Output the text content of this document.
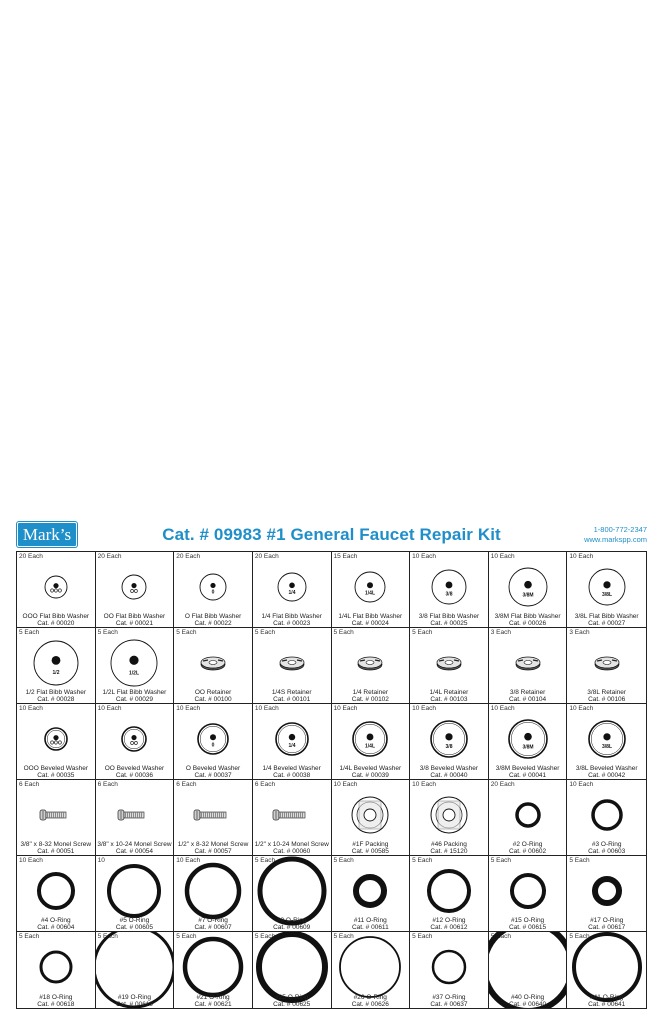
Mark’s	Cat. # 09983 #1 General Faucet Repair Kit	1-800-772-2347
www.markspp.com
20 Each
OOO
OOO Flat Bibb Washer
Cat. # 00020
20 Each
OO
OO Flat Bibb Washer
Cat. # 00021
20 Each
0
O Flat Bibb Washer
Cat. # 00022
20 Each
1/4
1/4 Flat Bibb Washer
Cat. # 00023
15 Each
1/4L
1/4L Flat Bibb Washer
Cat. # 00024
10 Each
3/8
3/8 Flat Bibb Washer
Cat. # 00025
10 Each
3/8M
3/8M Flat Bibb Washer
Cat. # 00026
10 Each
3/8L
3/8L Flat Bibb Washer
Cat. # 00027
5 Each
1/2
1/2 Flat Bibb Washer
Cat. # 00028
5 Each
1/2L
1/2L Flat Bibb Washer
Cat. # 00029
5 Each
OO Retainer
Cat. # 00100
5 Each
1/4S Retainer
Cat. # 00101
5 Each
1/4 Retainer
Cat. # 00102
5 Each
1/4L Retainer
Cat. # 00103
3 Each
3/8 Retainer
Cat. # 00104
3 Each
3/8L Retainer
Cat. # 00106
10 Each
OOO
OOO Beveled Washer
Cat. # 00035
10 Each
OO
OO Beveled Washer
Cat. # 00036
10 Each
0
O Beveled Washer
Cat. # 00037
10 Each
1/4
1/4 Beveled Washer
Cat. # 00038
10 Each
1/4L
1/4L Beveled Washer
Cat. # 00039
10 Each
3/8
3/8 Beveled Washer
Cat. # 00040
10 Each
3/8M
3/8M Beveled Washer
Cat. # 00041
10 Each
3/8L
3/8L Beveled Washer
Cat. # 00042
6 Each
3/8" x 8-32 Monel Screw
Cat. # 00051
6 Each
3/8" x 10-24 Monel Screw
Cat. # 00054
6 Each
1/2" x 8-32 Monel Screw
Cat. # 00057
6 Each
1/2" x 10-24 Monel Screw
Cat. # 00060
10 Each
#1F Packing
Cat. # 00585
10 Each
#46 Packing
Cat. # 15120
20 Each
#2 O-Ring
Cat. # 00602
10 Each
#3 O-Ring
Cat. # 00603
10 Each
#4 O-Ring
Cat. # 00604
10
#5 O-Ring
Cat. # 00605
10 Each
#7 O-Ring
Cat. # 00607
5 Each
#9 O-Ring
Cat. # 00609
5 Each
#11 O-Ring
Cat. # 00611
5 Each
#12 O-Ring
Cat. # 00612
5 Each
#15 O-Ring
Cat. # 00615
5 Each
#17 O-Ring
Cat. # 00617
5 Each
#18 O-Ring
Cat. # 00618
5 Each
#19 O-Ring
Cat. # 00619
5 Each
#21 O-Ring
Cat. # 00621
5 Each
#25 O-Ring
Cat. # 00625
5 Each
#26 O-Ring
Cat. # 00626
5 Each
#37 O-Ring
Cat. # 00637
5 Each
#40 O-Ring
Cat. # 00640
5 Each
#41 O-Ring
Cat. # 00641
